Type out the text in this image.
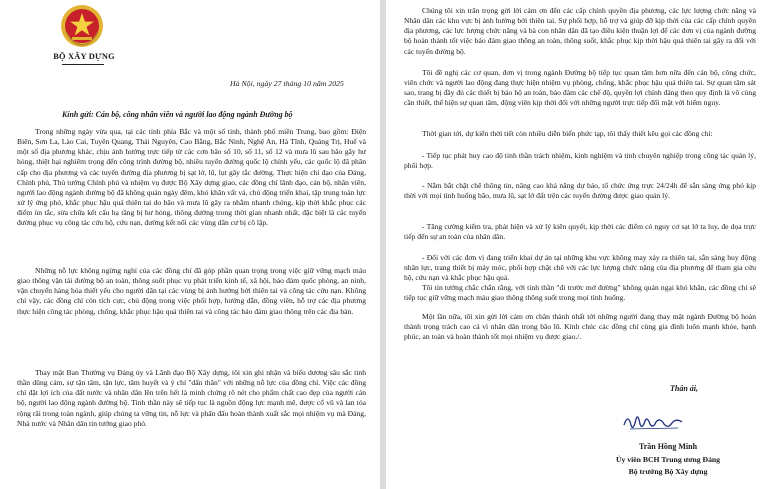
BỘ XÂY DỰNG
Hà Nội, ngày 27 tháng 10 năm 2025
Kính gửi: Cán bộ, công nhân viên và người lao động ngành Đường bộ

Trong những ngày vừa qua, tại các tỉnh phía Bắc và một số tỉnh, thành phố miền Trung, bao gồm: Điện Biên, Sơn La, Lào Cai, Tuyên Quang, Thái Nguyên, Cao Bằng, Bắc Ninh, Nghệ An, Hà Tĩnh, Quảng Trị, Huế và một số địa phương khác, chịu ảnh hưởng trực tiếp từ các cơn bão số 10, số 11, số 12 và mưa lũ sau bão gây hư hỏng, thiệt hại nghiêm trọng đến công trình đường bộ, nhiều tuyến đường quốc lộ chính yếu, các quốc lộ đã phân cấp cho địa phương và các tuyến đường địa phương bị sạt lở, lũ, lụt gây tắc đường. Thực hiện chỉ đạo của Đảng, Chính phủ, Thủ tướng Chính phủ và nhiệm vụ được Bộ Xây dựng giao, các đồng chí lãnh đạo, cán bộ, nhân viên, người lao động ngành đường bộ đã không quản ngày đêm, khó khăn vất vả, chủ động triển khai, tập trung toàn lực xử lý ứng phó, khắc phục hậu quả thiên tai do bão và mưa lũ gây ra nhằm nhanh chóng, kịp thời khắc phục các điểm ùn tắc, sửa chữa kết cấu hạ tầng bị hư hỏng, thông đường trong thời gian nhanh nhất, đặc biệt là các tuyến đường phục vụ công tác cứu hộ, cứu nạn, đường kết nối các vùng dân cư bị cô lập.

Những nỗ lực không ngừng nghỉ của các đồng chí đã góp phần quan trọng trong việc giữ vững mạch máu giao thông vận tải đường bộ an toàn, thông suốt phục vụ phát triển kinh tế, xã hội, bảo đảm quốc phòng, an ninh, vận chuyển hàng hóa thiết yếu cho người dân tại các vùng bị ảnh hưởng bởi thiên tai và công tác cứu nạn. Không chỉ vậy, các đồng chí còn tích cực, chủ động trong việc phối hợp, hướng dẫn, đồng viên, hỗ trợ các địa phương thực hiện công tác phòng, chống, khắc phục hậu quả thiên tai và công tác bảo đảm giao thông trên các địa bàn.

Thay mặt Ban Thường vụ Đảng ủy và Lãnh đạo Bộ Xây dựng, tôi xin ghi nhận và biểu dương sâu sắc tinh thần dũng cảm, sự tận tâm, tận lực, tâm huyết và ý chí "dấn thân" với những nỗ lực của đồng chí. Việc các đồng chí đặt lợi ích của đất nước và nhân dân lên trên hết là minh chứng rõ nét cho phẩm chất cao đẹp của người cán bộ, người lao động ngành đường bộ. Tinh thần này sẽ tiếp tục là nguồn động lực mạnh mẽ, được cổ vũ và lan tỏa rộng rãi trong toàn ngành, giúp chúng ta vững tin, nỗ lực và phấn đấu hoàn thành xuất sắc mọi nhiệm vụ mà Đảng, Nhà nước và Nhân dân tin tưởng giao phó.

Chúng tôi xin trân trọng gửi lời cảm ơn đến các cấp chính quyền địa phương, các lực lượng chức năng và Nhân dân các khu vực bị ảnh hưởng bởi thiên tai. Sự phối hợp, hỗ trợ và giúp đỡ kịp thời của các cấp chính quyền địa phương, các lực lượng chức năng và bà con nhân dân đã tạo điều kiện thuận lợi để các đơn vị của ngành đường bộ hoàn thành tốt việc bảo đảm giao thông an toàn, thông suốt, khắc phục kịp thời hậu quả thiên tai gây ra đối với các tuyến đường bộ.

Tôi đề nghị các cơ quan, đơn vị trong ngành Đường bộ tiếp tục quan tâm hơn nữa đến cán bộ, công chức, viên chức và người lao động đang thực hiện nhiệm vụ phòng, chống, khắc phục hậu quả thiên tai. Sự quan tâm sát sao, trang bị đầy đủ các thiết bị bảo hộ an toàn, bảo đảm các chế độ, quyền lợi chính đáng theo quy định là vô cùng cần thiết, thể hiện sự quan tâm, động viên kịp thời đối với những người trực tiếp đối mặt với hiểm nguy.

Thời gian tới, dự kiến thời tiết còn nhiều diễn biến phức tạp, tôi thấy thiết kêu gọi các đồng chí:

- Tiếp tục phát huy cao độ tinh thần trách nhiệm, kinh nghiệm và tinh chuyên nghiệp trong công tác quản lý, phối hợp.

- Nắm bắt chặt chẽ thông tin, nâng cao khả năng dự báo, tổ chức ứng trực 24/24h để sẵn sàng ứng phó kịp thời với mọi tình huống bão, mưa lũ, sạt lở đất trên các tuyến đường được giao quản lý.

- Tăng cường kiểm tra, phát hiện và xử lý kiên quyết, kịp thời các điểm có nguy cơ sạt lở ta luy, đe dọa trực tiếp đến sự an toàn của nhân dân.

- Đối với các đơn vị đang triển khai dự án tại những khu vực không may xảy ra thiên tai, sẵn sàng huy động nhân lực, trang thiết bị máy móc, phối hợp chặt chẽ với các lực lượng chức năng của địa phương để tham gia cứu hộ, cứu nạn và khắc phục hậu quả.

Tôi tin tưởng chắc chắn rằng, với tinh thần "đi trước mở đường" không quản ngại khó khăn, các đồng chí sẽ tiếp tục giữ vững mạch máu giao thông thông suốt trong mọi tình huống.

Một lần nữa, tôi xin gửi lời cảm ơn chân thành nhất tới những người đang thay mặt ngành Đường bộ hoàn thành trọng trách cao cả vì nhân dân trong bão lũ. Kính chúc các đồng chí cùng gia đình luôn mạnh khỏe, hạnh phúc, an toàn và hoàn thành tốt mọi nhiệm vụ được giao./.

Thân ái,
Trần Hồng Minh
Ủy viên BCH Trung ương Đảng
Bộ trưởng Bộ Xây dựng
